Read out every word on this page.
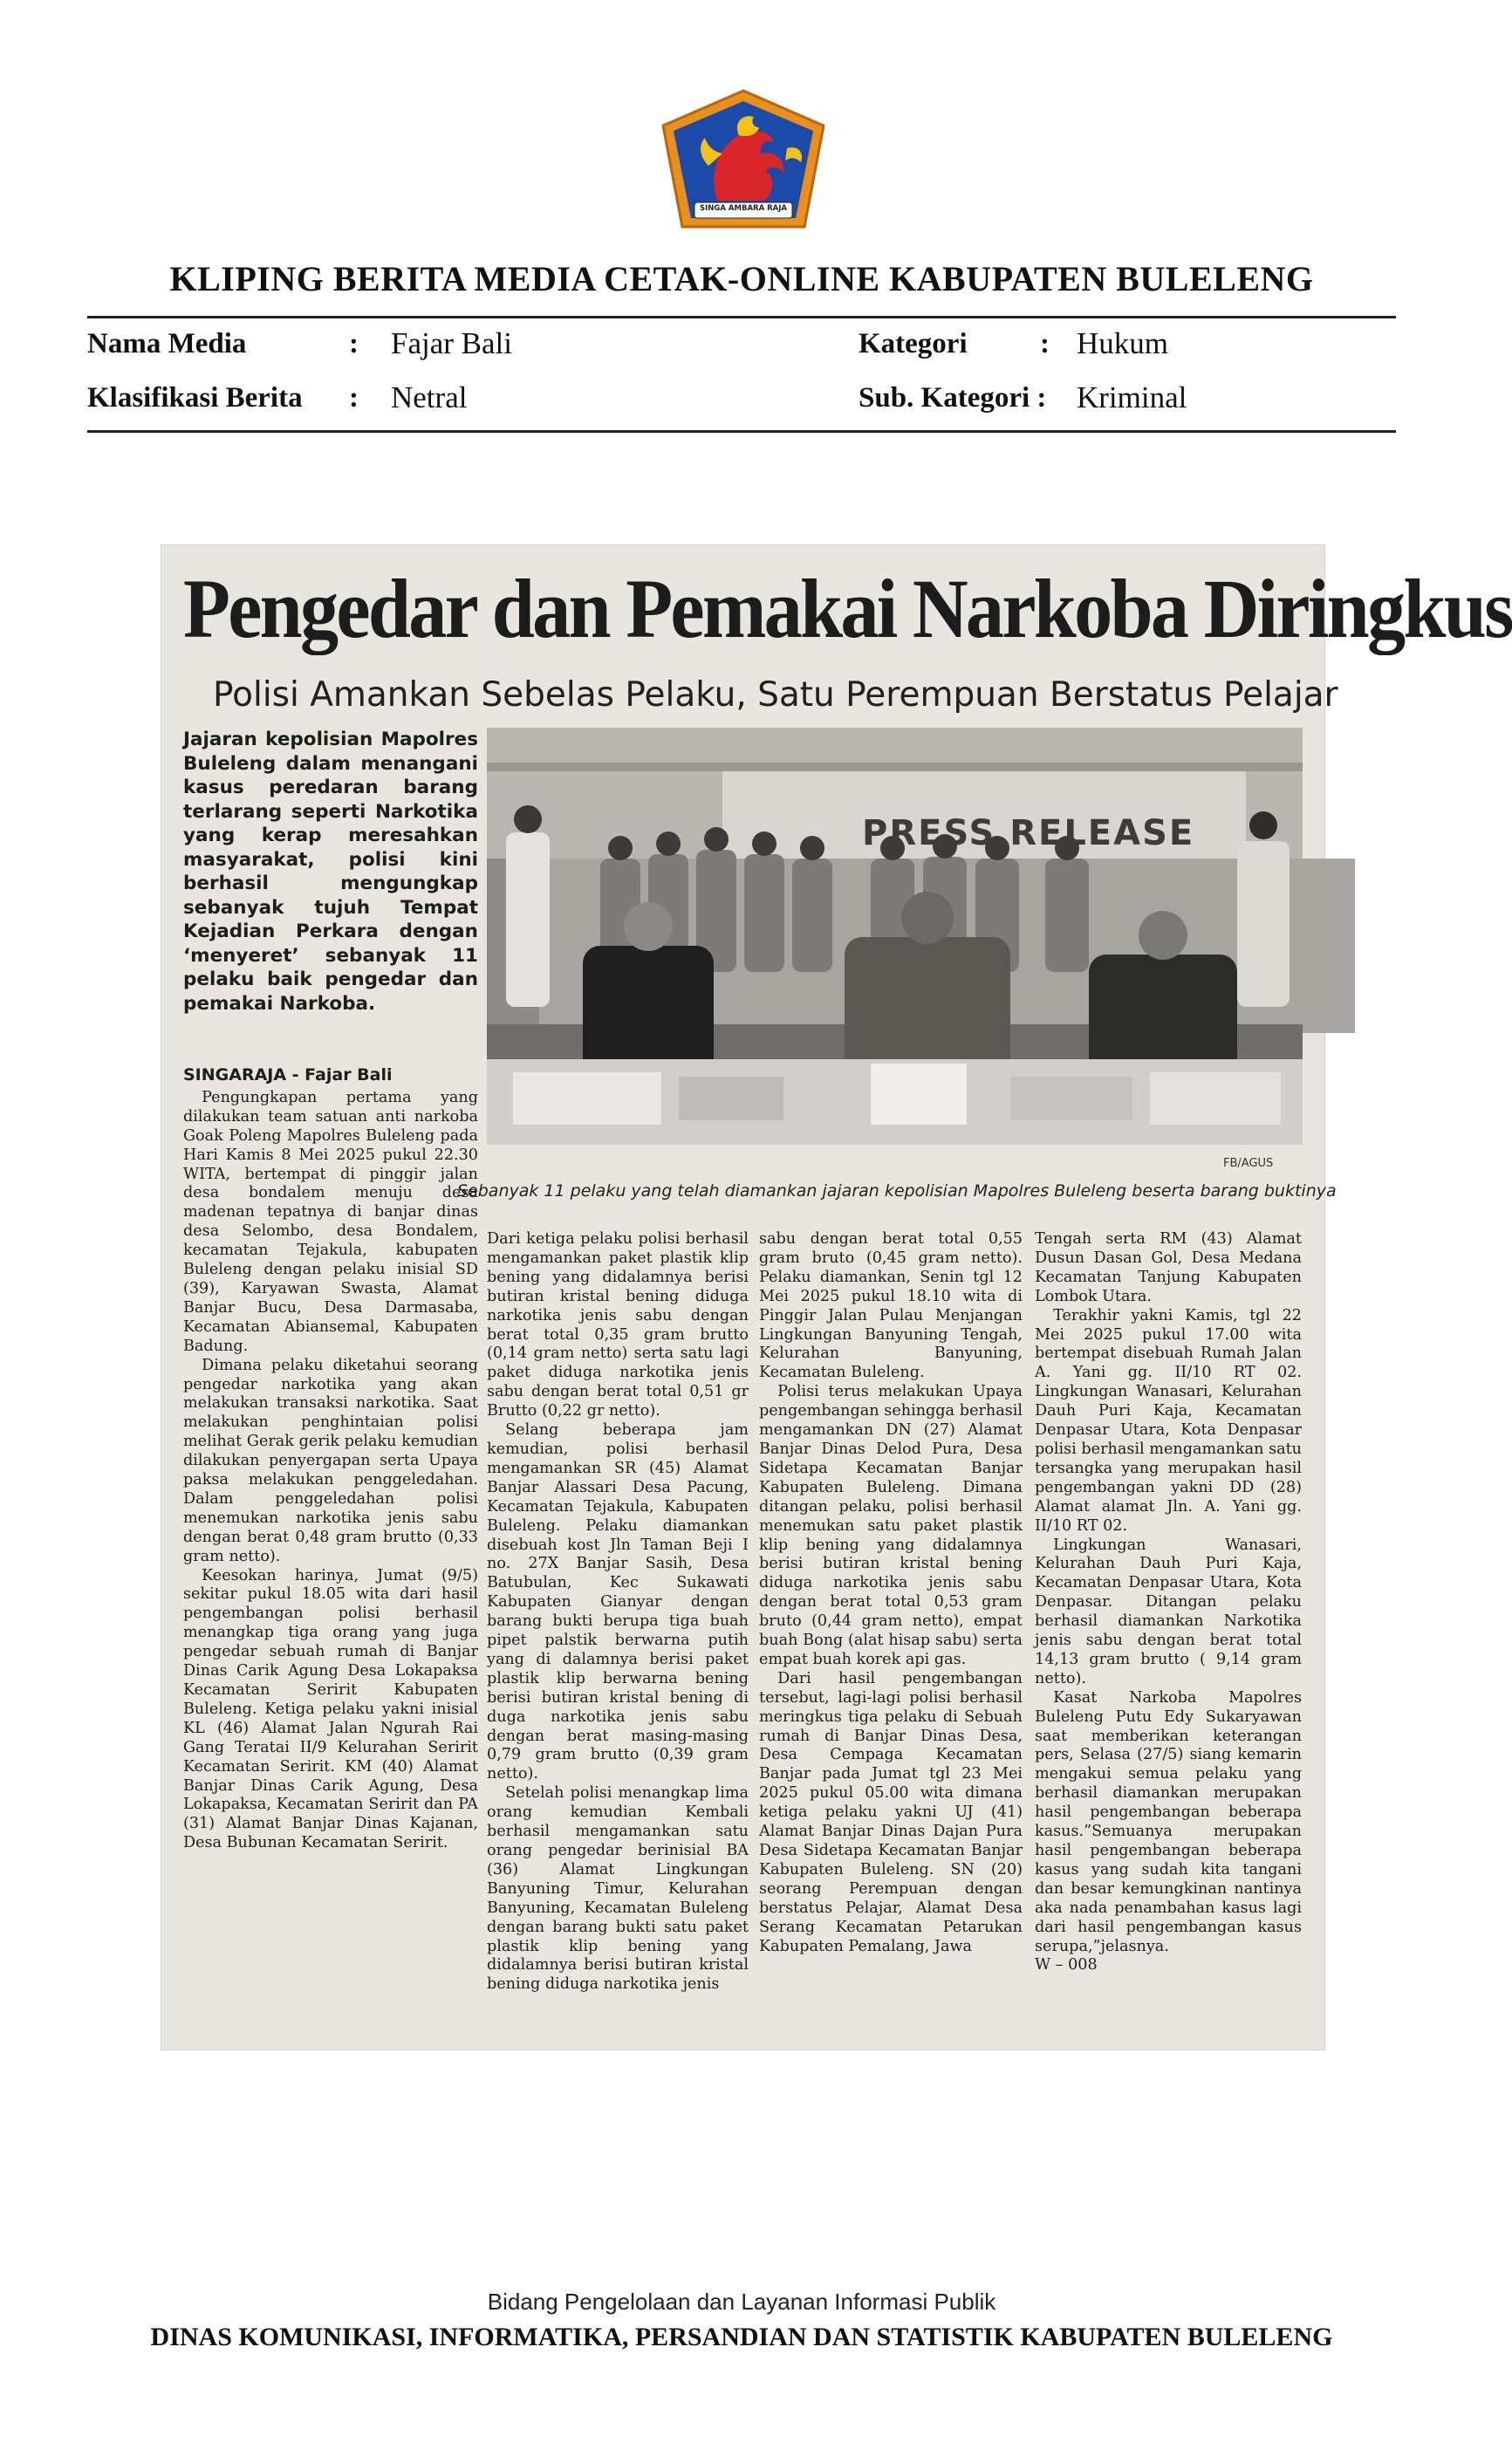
SINGA AMBARA RAJA
KLIPING BERITA MEDIA CETAK-ONLINE KABUPATEN BULELENG
Nama Media	: Fajar Bali	Kategori	: Hukum
Klasifikasi Berita : Netral	Sub. Kategori : Kriminal
Pengedar dan Pemakai Narkoba Diringkus
Polisi Amankan Sebelas Pelaku, Satu Perempuan Berstatus Pelajar
Jajaran kepolisian Mapolres Buleleng dalam menangani kasus peredaran barang terlarang seperti Narkotika yang kerap meresahkan masyarakat, polisi kini berhasil mengungkap sebanyak tujuh Tempat Kejadian Perkara dengan ‘menyeret’ sebanyak 11 pelaku baik pengedar dan pemakai Narkoba.
PRESS RELEASE
FB/AGUS
Sebanyak 11 pelaku yang telah diamankan jajaran kepolisian Mapolres Buleleng beserta barang buktinya
SINGARAJA - Fajar Bali

Pengungkapan pertama yang dilakukan team satuan anti narkoba Goak Poleng Mapolres Buleleng pada Hari Kamis 8 Mei 2025 pukul 22.30 WITA, bertempat di pinggir jalan desa bondalem menuju desa madenan tepatnya di banjar dinas desa Selombo, desa Bondalem, kecamatan Tejakula, kabupaten Buleleng dengan pelaku inisial SD (39), Karyawan Swasta, Alamat Banjar Bucu, Desa Darmasaba, Kecamatan Abiansemal, Kabupaten Badung.

Dimana pelaku diketahui seorang pengedar narkotika yang akan melakukan transaksi narkotika. Saat melakukan penghintaian polisi melihat Gerak gerik pelaku kemudian dilakukan penyergapan serta Upaya paksa melakukan penggeledahan. Dalam penggeledahan polisi menemukan narkotika jenis sabu dengan berat 0,48 gram brutto (0,33 gram netto).

Keesokan harinya, Jumat (9/5) sekitar pukul 18.05 wita dari hasil pengembangan polisi berhasil menangkap tiga orang yang juga pengedar sebuah rumah di Banjar Dinas Carik Agung Desa Lokapaksa Kecamatan Seririt Kabupaten Buleleng. Ketiga pelaku yakni inisial KL (46) Alamat Jalan Ngurah Rai Gang Teratai II/9 Kelurahan Seririt Kecamatan Seririt. KM (40) Alamat Banjar Dinas Carik Agung, Desa Lokapaksa, Kecamatan Seririt dan PA (31) Alamat Banjar Dinas Kajanan, Desa Bubunan Kecamatan Seririt.

Dari ketiga pelaku polisi berhasil mengamankan paket plastik klip bening yang didalamnya berisi butiran kristal bening diduga narkotika jenis sabu dengan berat total 0,35 gram brutto (0,14 gram netto) serta satu lagi paket diduga narkotika jenis sabu dengan berat total 0,51 gr Brutto (0,22 gr netto).

Selang beberapa jam kemudian, polisi berhasil mengamankan SR (45) Alamat Banjar Alassari Desa Pacung, Kecamatan Tejakula, Kabupaten Buleleng. Pelaku diamankan disebuah kost Jln Taman Beji I no. 27X Banjar Sasih, Desa Batubulan, Kec Sukawati Kabupaten Gianyar dengan barang bukti berupa tiga buah pipet palstik berwarna putih yang di dalamnya berisi paket plastik klip berwarna bening berisi butiran kristal bening di duga narkotika jenis sabu dengan berat masing-masing 0,79 gram brutto (0,39 gram netto).

Setelah polisi menangkap lima orang kemudian Kembali berhasil mengamankan satu orang pengedar berinisial BA (36) Alamat Lingkungan Banyuning Timur, Kelurahan Banyuning, Kecamatan Buleleng dengan barang bukti satu paket plastik klip bening yang didalamnya berisi butiran kristal bening diduga narkotika jenis

sabu dengan berat total 0,55 gram bruto (0,45 gram netto). Pelaku diamankan, Senin tgl 12 Mei 2025 pukul 18.10 wita di Pinggir Jalan Pulau Menjangan Lingkungan Banyuning Tengah, Kelurahan Banyuning, Kecamatan Buleleng.

Polisi terus melakukan Upaya pengembangan sehingga berhasil mengamankan DN (27) Alamat Banjar Dinas Delod Pura, Desa Sidetapa Kecamatan Banjar Kabupaten Buleleng. Dimana ditangan pelaku, polisi berhasil menemukan satu paket plastik klip bening yang didalamnya berisi butiran kristal bening diduga narkotika jenis sabu dengan berat total 0,53 gram bruto (0,44 gram netto), empat buah Bong (alat hisap sabu) serta empat buah korek api gas.

Dari hasil pengembangan tersebut, lagi-lagi polisi berhasil meringkus tiga pelaku di Sebuah rumah di Banjar Dinas Desa, Desa Cempaga Kecamatan Banjar pada Jumat tgl 23 Mei 2025 pukul 05.00 wita dimana ketiga pelaku yakni UJ (41) Alamat Banjar Dinas Dajan Pura Desa Sidetapa Kecamatan Banjar Kabupaten Buleleng. SN (20) seorang Perempuan dengan berstatus Pelajar, Alamat Desa Serang Kecamatan Petarukan Kabupaten Pemalang, Jawa

Tengah serta RM (43) Alamat Dusun Dasan Gol, Desa Medana Kecamatan Tanjung Kabupaten Lombok Utara.

Terakhir yakni Kamis, tgl 22 Mei 2025 pukul 17.00 wita bertempat disebuah Rumah Jalan A. Yani gg. II/10 RT 02. Lingkungan Wanasari, Kelurahan Dauh Puri Kaja, Kecamatan Denpasar Utara, Kota Denpasar polisi berhasil mengamankan satu tersangka yang merupakan hasil pengembangan yakni DD (28) Alamat alamat Jln. A. Yani gg. II/10 RT 02.

Lingkungan Wanasari, Kelurahan Dauh Puri Kaja, Kecamatan Denpasar Utara, Kota Denpasar. Ditangan pelaku berhasil diamankan Narkotika jenis sabu dengan berat total 14,13 gram brutto ( 9,14 gram netto).

Kasat Narkoba Mapolres Buleleng Putu Edy Sukaryawan saat memberikan keterangan pers, Selasa (27/5) siang kemarin mengakui semua pelaku yang berhasil diamankan merupakan hasil pengembangan beberapa kasus.”Semuanya merupakan hasil pengembangan beberapa kasus yang sudah kita tangani dan besar kemungkinan nantinya aka nada penambahan kasus lagi dari hasil pengembangan kasus serupa,”jelasnya.

W – 008

Bidang Pengelolaan dan Layanan Informasi Publik
DINAS KOMUNIKASI, INFORMATIKA, PERSANDIAN DAN STATISTIK KABUPATEN BULELENG
